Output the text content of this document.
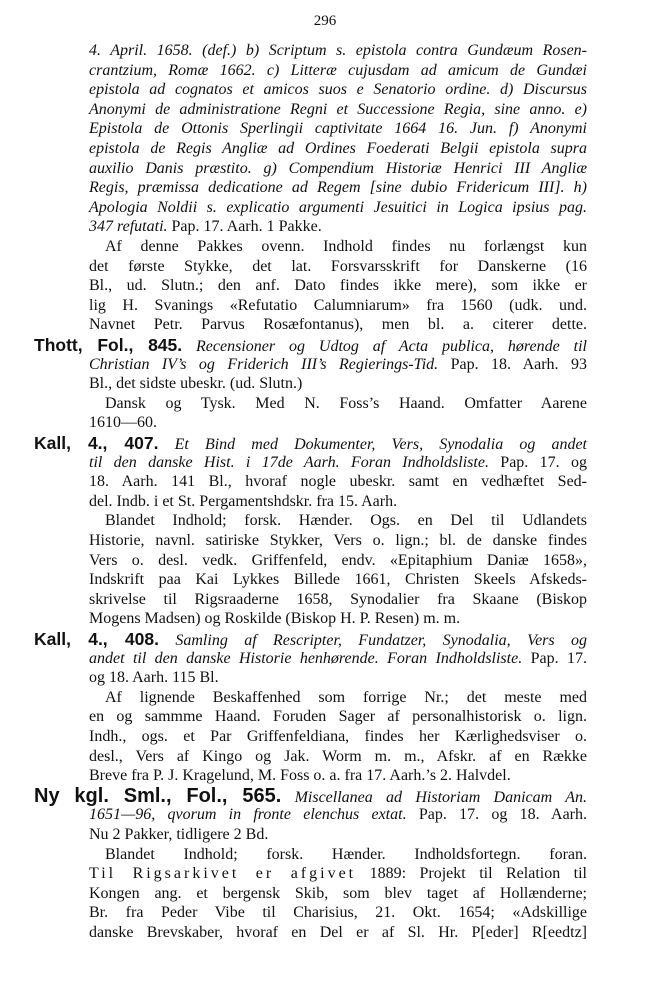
296
4. April. 1658. (def.) b) Scriptum s. epistola contra Gundæum Rosen-
crantzium, Romæ 1662. c) Litteræ cujusdam ad amicum de Gundæi
epistola ad cognatos et amicos suos e Senatorio ordine. d) Discursus
Anonymi de administratione Regni et Successione Regia, sine anno. e)
Epistola de Ottonis Sperlingii captivitate 1664 16. Jun. f) Anonymi
epistola de Regis Angliæ ad Ordines Foederati Belgii epistola supra
auxilio Danis præstito. g) Compendium Historiæ Henrici III Angliæ
Regis, præmissa dedicatione ad Regem [sine dubio Fridericum III]. h)
Apologia Noldii s. explicatio argumenti Jesuitici in Logica ipsius pag.
347 refutati. Pap. 17. Aarh. 1 Pakke.
Af denne Pakkes ovenn. Indhold findes nu forlængst kun
det første Stykke, det lat. Forsvarsskrift for Danskerne (16
Bl., ud. Slutn.; den anf. Dato findes ikke mere), som ikke er
lig H. Svanings «Refutatio Calumniarum» fra 1560 (udk. und.
Navnet Petr. Parvus Rosæfontanus), men bl. a. citerer dette.
Thott, Fol., 845. Recensioner og Udtog af Acta publica, hørende til
Christian IV’s og Friderich III’s Regierings-Tid. Pap. 18. Aarh. 93
Bl., det sidste ubeskr. (ud. Slutn.)
Dansk og Tysk. Med N. Foss’s Haand. Omfatter Aarene
1610—60.
Kall, 4., 407. Et Bind med Dokumenter, Vers, Synodalia og andet
til den danske Hist. i 17de Aarh. Foran Indholdsliste. Pap. 17. og
18. Aarh. 141 Bl., hvoraf nogle ubeskr. samt en vedhæftet Sed-
del. Indb. i et St. Pergamentshdskr. fra 15. Aarh.
Blandet Indhold; forsk. Hænder. Ogs. en Del til Udlandets
Historie, navnl. satiriske Stykker, Vers o. lign.; bl. de danske findes
Vers o. desl. vedk. Griffenfeld, endv. «Epitaphium Daniæ 1658»,
Indskrift paa Kai Lykkes Billede 1661, Christen Skeels Afskeds-
skrivelse til Rigsraaderne 1658, Synodalier fra Skaane (Biskop
Mogens Madsen) og Roskilde (Biskop H. P. Resen) m. m.
Kall, 4., 408. Samling af Rescripter, Fundatzer, Synodalia, Vers og
andet til den danske Historie henhørende. Foran Indholdsliste. Pap. 17.
og 18. Aarh. 115 Bl.
Af lignende Beskaffenhed som forrige Nr.; det meste med
en og sammme Haand. Foruden Sager af personalhistorisk o. lign.
Indh., ogs. et Par Griffenfeldiana, findes her Kærlighedsviser o.
desl., Vers af Kingo og Jak. Worm m. m., Afskr. af en Række
Breve fra P. J. Kragelund, M. Foss o. a. fra 17. Aarh.’s 2. Halvdel.
Ny kgl. Sml., Fol., 565. Miscellanea ad Historiam Danicam An.
1651—96, qvorum in fronte elenchus extat. Pap. 17. og 18. Aarh.
Nu 2 Pakker, tidligere 2 Bd.
Blandet Indhold; forsk. Hænder. Indholdsfortegn. foran.
Til Rigsarkivet er afgivet 1889: Projekt til Relation til
Kongen ang. et bergensk Skib, som blev taget af Hollænderne;
Br. fra Peder Vibe til Charisius, 21. Okt. 1654; «Adskillige
danske Brevskaber, hvoraf en Del er af Sl. Hr. P[eder] R[eedtz]
